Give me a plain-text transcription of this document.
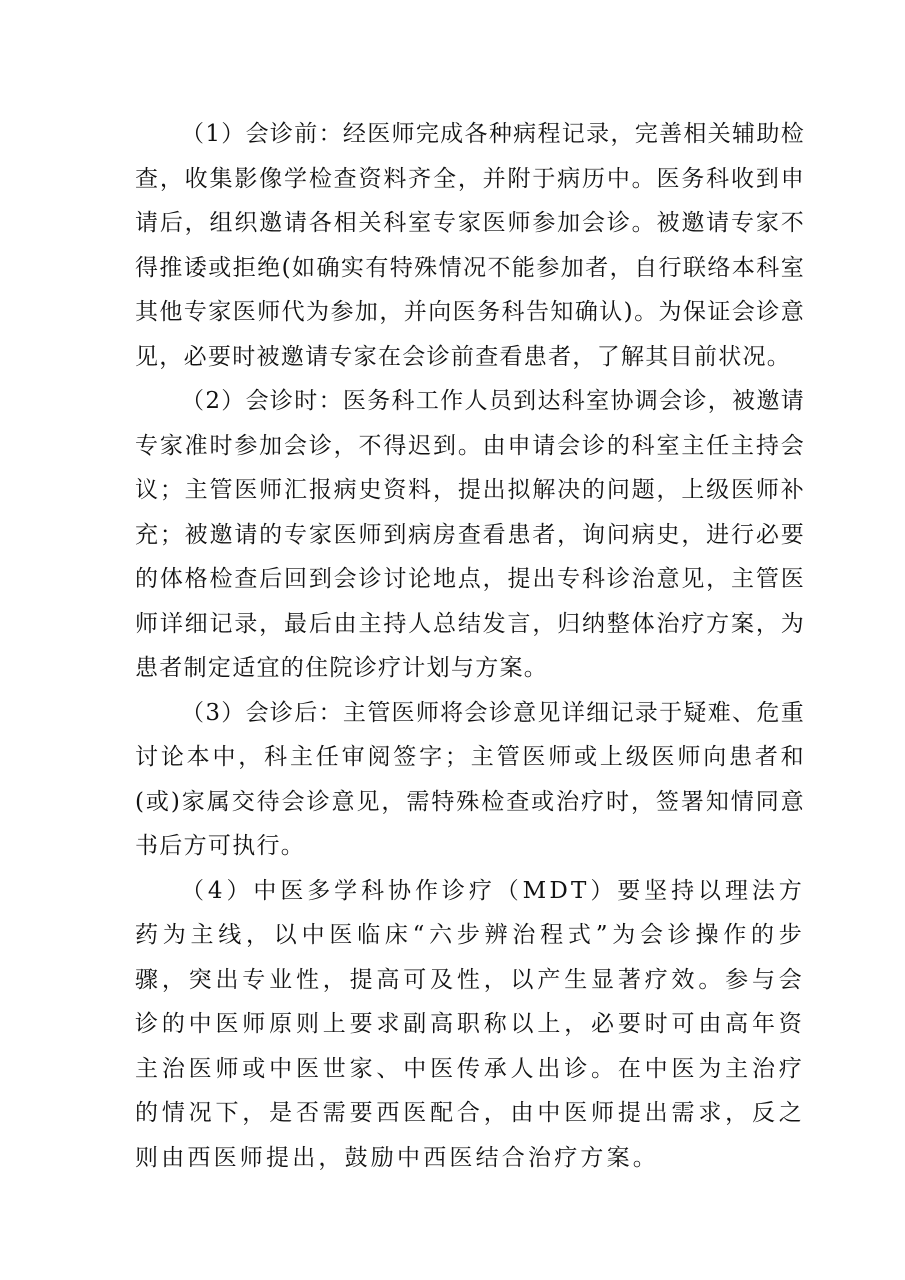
（1）会诊前：经医师完成各种病程记录，完善相关辅助检查，收集影像学检查资料齐全，并附于病历中。医务科收到申请后，组织邀请各相关科室专家医师参加会诊。被邀请专家不得推诿或拒绝(如确实有特殊情况不能参加者，自行联络本科室其他专家医师代为参加，并向医务科告知确认)。为保证会诊意见，必要时被邀请专家在会诊前查看患者，了解其目前状况。

（2）会诊时：医务科工作人员到达科室协调会诊，被邀请专家准时参加会诊，不得迟到。由申请会诊的科室主任主持会议；主管医师汇报病史资料，提出拟解决的问题，上级医师补充；被邀请的专家医师到病房查看患者，询问病史，进行必要的体格检查后回到会诊讨论地点，提出专科诊治意见，主管医师详细记录，最后由主持人总结发言，归纳整体治疗方案，为患者制定适宜的住院诊疗计划与方案。

（3）会诊后：主管医师将会诊意见详细记录于疑难、危重讨论本中，科主任审阅签字；主管医师或上级医师向患者和(或)家属交待会诊意见，需特殊检查或治疗时，签署知情同意书后方可执行。

（4）中医多学科协作诊疗（MDT）要坚持以理法方药为主线，以中医临床“六步辨治程式”为会诊操作的步骤，突出专业性，提高可及性，以产生显著疗效。参与会诊的中医师原则上要求副高职称以上，必要时可由高年资主治医师或中医世家、中医传承人出诊。在中医为主治疗的情况下，是否需要西医配合，由中医师提出需求，反之则由西医师提出，鼓励中西医结合治疗方案。
